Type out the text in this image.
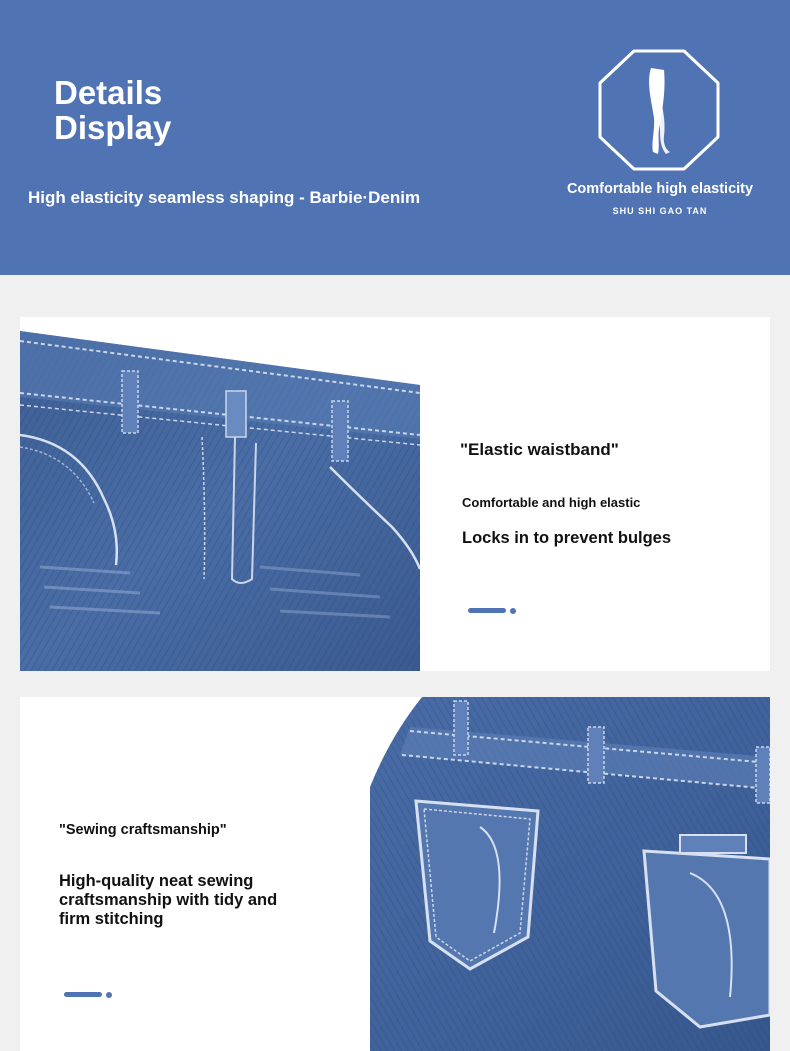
Details Display
High elasticity seamless shaping - Barbie·Denim	Comfortable high elasticity
SHU SHI GAO TAN
"Elastic waistband"
Comfortable and high elastic
Locks in to prevent bulges
"Sewing craftsmanship"
High-quality neat sewing craftsmanship with tidy and firm stitching
